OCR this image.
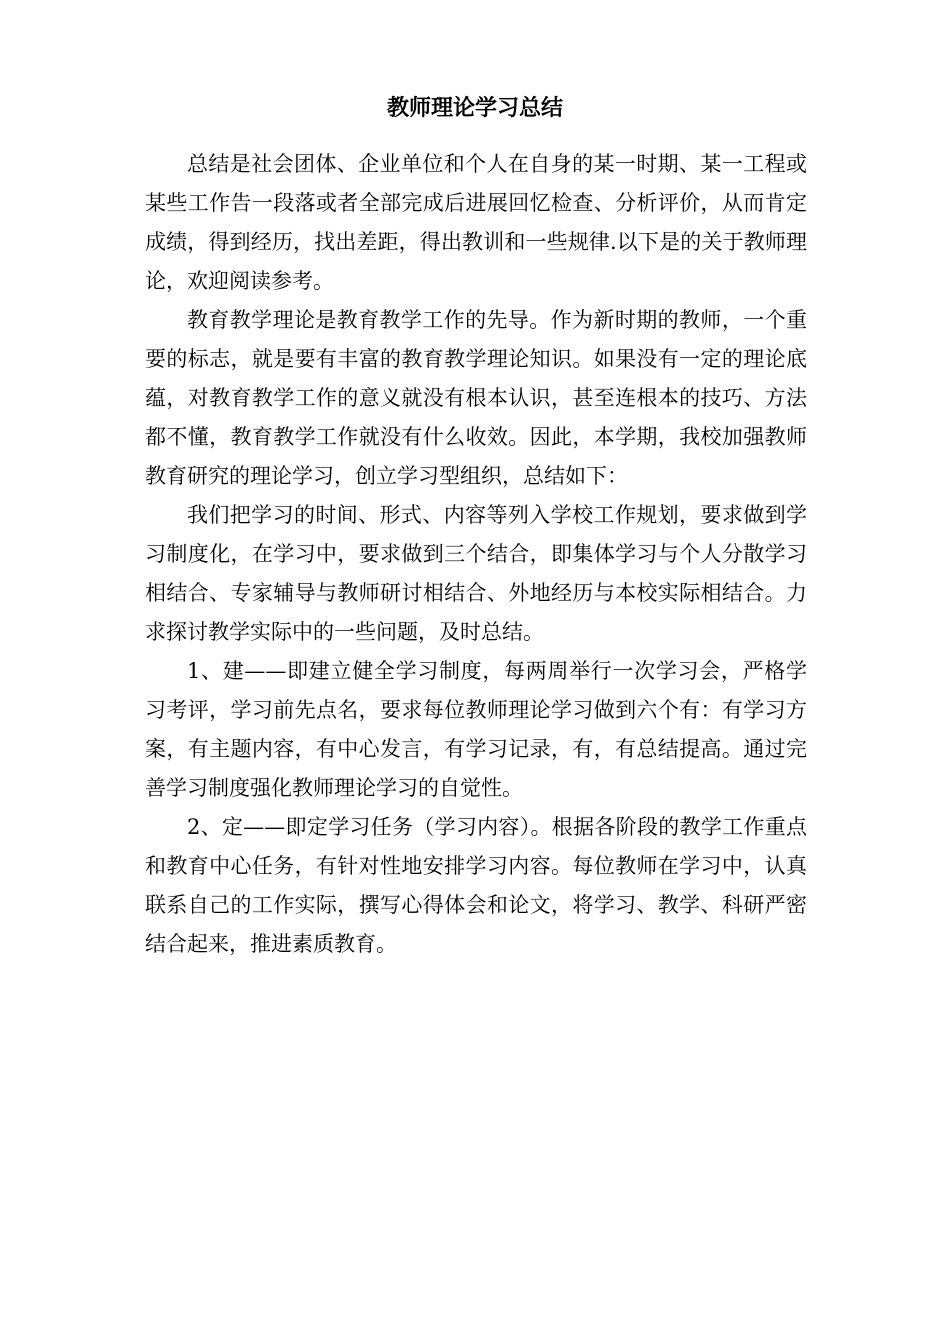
教师理论学习总结

总结是社会团体、企业单位和个人在自身的某一时期、某一工程或某些工作告一段落或者全部完成后进展回忆检查、分析评价，从而肯定成绩，得到经历，找出差距，得出教训和一些规律.以下是的关于教师理论，欢迎阅读参考。

教育教学理论是教育教学工作的先导。作为新时期的教师，一个重要的标志，就是要有丰富的教育教学理论知识。如果没有一定的理论底蕴，对教育教学工作的意义就没有根本认识，甚至连根本的技巧、方法都不懂，教育教学工作就没有什么收效。因此，本学期，我校加强教师教育研究的理论学习，创立学习型组织，总结如下：

我们把学习的时间、形式、内容等列入学校工作规划，要求做到学习制度化，在学习中，要求做到三个结合，即集体学习与个人分散学习相结合、专家辅导与教师研讨相结合、外地经历与本校实际相结合。力求探讨教学实际中的一些问题，及时总结。

1、建——即建立健全学习制度，每两周举行一次学习会，严格学习考评，学习前先点名，要求每位教师理论学习做到六个有：有学习方案，有主题内容，有中心发言，有学习记录，有，有总结提高。通过完善学习制度强化教师理论学习的自觉性。

2、定——即定学习任务（学习内容）。根据各阶段的教学工作重点和教育中心任务，有针对性地安排学习内容。每位教师在学习中，认真联系自己的工作实际，撰写心得体会和论文，将学习、教学、科研严密结合起来，推进素质教育。
